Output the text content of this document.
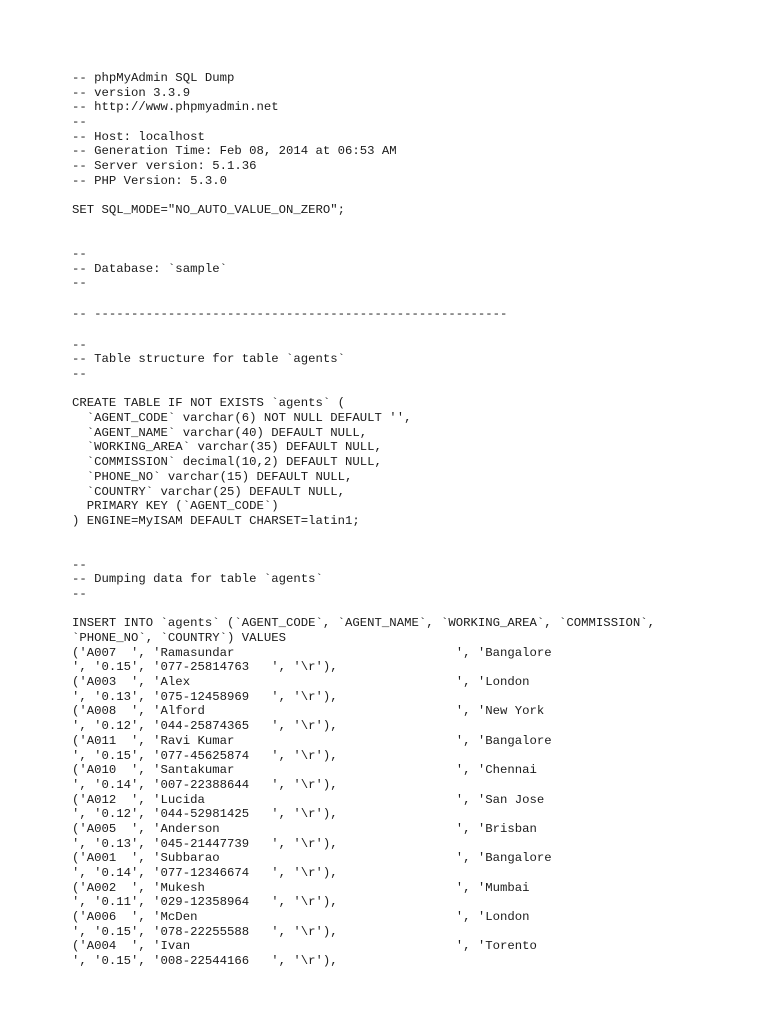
-- phpMyAdmin SQL Dump
-- version 3.3.9
-- http://www.phpmyadmin.net
--
-- Host: localhost
-- Generation Time: Feb 08, 2014 at 06:53 AM
-- Server version: 5.1.36
-- PHP Version: 5.3.0
SET SQL_MODE="NO_AUTO_VALUE_ON_ZERO";
--
-- Database: `sample`
--
-- --------------------------------------------------------
--
-- Table structure for table `agents`
--
CREATE TABLE IF NOT EXISTS `agents` (
`AGENT_CODE` varchar(6) NOT NULL DEFAULT '',
`AGENT_NAME` varchar(40) DEFAULT NULL,
`WORKING_AREA` varchar(35) DEFAULT NULL,
`COMMISSION` decimal(10,2) DEFAULT NULL,
`PHONE_NO` varchar(15) DEFAULT NULL,
`COUNTRY` varchar(25) DEFAULT NULL,
PRIMARY KEY (`AGENT_CODE`)
) ENGINE=MyISAM DEFAULT CHARSET=latin1;
--
-- Dumping data for table `agents`
--
INSERT INTO `agents` (`AGENT_CODE`, `AGENT_NAME`, `WORKING_AREA`, `COMMISSION`,
`PHONE_NO`, `COUNTRY`) VALUES
('A007  ', 'Ramasundar                              ', 'Bangalore
', '0.15', '077-25814763   ', '\r'),
('A003  ', 'Alex                                    ', 'London
', '0.13', '075-12458969   ', '\r'),
('A008  ', 'Alford                                  ', 'New York
', '0.12', '044-25874365   ', '\r'),
('A011  ', 'Ravi Kumar                              ', 'Bangalore
', '0.15', '077-45625874   ', '\r'),
('A010  ', 'Santakumar                              ', 'Chennai
', '0.14', '007-22388644   ', '\r'),
('A012  ', 'Lucida                                  ', 'San Jose
', '0.12', '044-52981425   ', '\r'),
('A005  ', 'Anderson                                ', 'Brisban
', '0.13', '045-21447739   ', '\r'),
('A001  ', 'Subbarao                                ', 'Bangalore
', '0.14', '077-12346674   ', '\r'),
('A002  ', 'Mukesh                                  ', 'Mumbai
', '0.11', '029-12358964   ', '\r'),
('A006  ', 'McDen                                   ', 'London
', '0.15', '078-22255588   ', '\r'),
('A004  ', 'Ivan                                    ', 'Torento
', '0.15', '008-22544166   ', '\r'),
